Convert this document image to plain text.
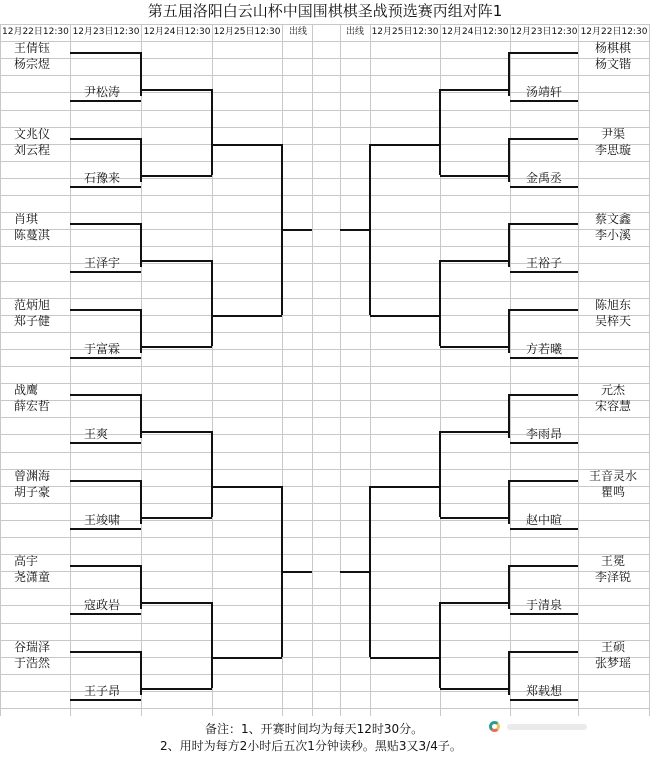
第五届洛阳白云山杯中国围棋棋圣战预选赛丙组对阵1
12月22日12:30 12月23日12:30 12月24日12:30 12月25日12:30 出线	出线 12月25日12:30 12月24日12:30 12月23日12:30 12月22日12:30
王倩钰
杨宗煜
文兆仪
刘云程
肖琪
陈蔓淇
范炳旭
郑子健
战鹰
薛宏哲
曾渊海
胡子豪
高宇
尧潇童
谷瑞泽
于浩然
尹松涛
石豫来
王泽宇
于富霖
王爽
王竣啸
寇政岩
王子昂
杨棋棋
杨文锴
尹渠
李思璇
蔡文鑫
李小溪
陈旭东
吴梓天
元杰
宋容慧
王音灵水
瞿鸣
王冕
李泽锐
王硕
张梦瑶
汤靖轩
金禹丞
王裕子
方若曦
李雨昂
赵中暄
于清泉
郑载想
备注：1、开赛时间均为每天12时30分。
2、用时为每方2小时后五次1分钟读秒。黑贴3又3/4子。
